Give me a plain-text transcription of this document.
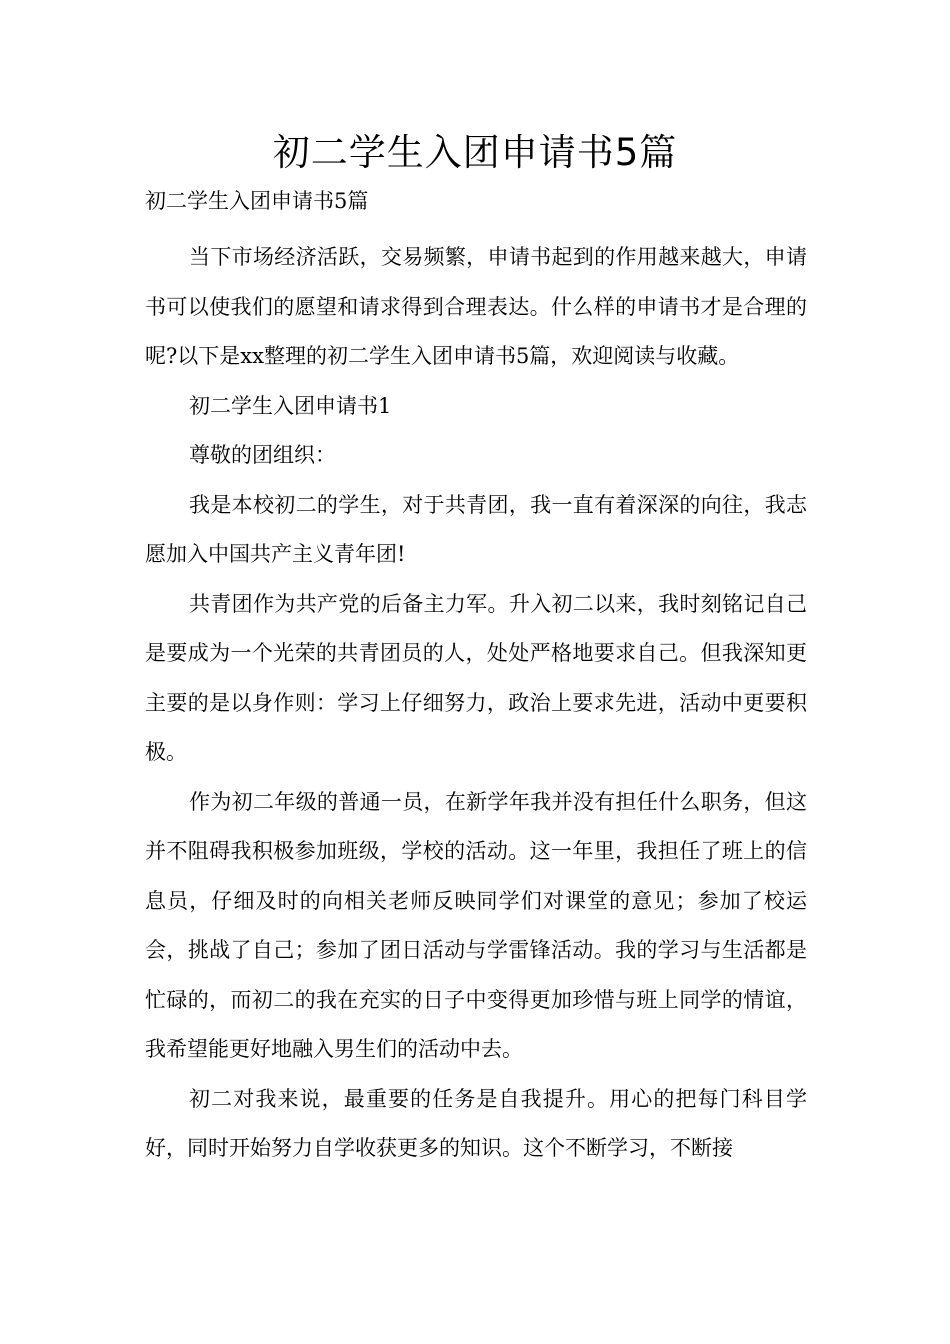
初二学生入团申请书5篇
初二学生入团申请书5篇

当下市场经济活跃，交易频繁，申请书起到的作用越来越大，申请书可以使我们的愿望和请求得到合理表达。什么样的申请书才是合理的呢?以下是xx整理的初二学生入团申请书5篇，欢迎阅读与收藏。

初二学生入团申请书1

尊敬的团组织：

我是本校初二的学生，对于共青团，我一直有着深深的向往，我志愿加入中国共产主义青年团!

共青团作为共产党的后备主力军。升入初二以来，我时刻铭记自己是要成为一个光荣的共青团员的人，处处严格地要求自己。但我深知更主要的是以身作则：学习上仔细努力，政治上要求先进，活动中更要积极。

作为初二年级的普通一员，在新学年我并没有担任什么职务，但这并不阻碍我积极参加班级，学校的活动。这一年里，我担任了班上的信息员，仔细及时的向相关老师反映同学们对课堂的意见；参加了校运会，挑战了自己；参加了团日活动与学雷锋活动。我的学习与生活都是忙碌的，而初二的我在充实的日子中变得更加珍惜与班上同学的情谊，我希望能更好地融入男生们的活动中去。

初二对我来说，最重要的任务是自我提升。用心的把每门科目学好，同时开始努力自学收获更多的知识。这个不断学习，不断接
